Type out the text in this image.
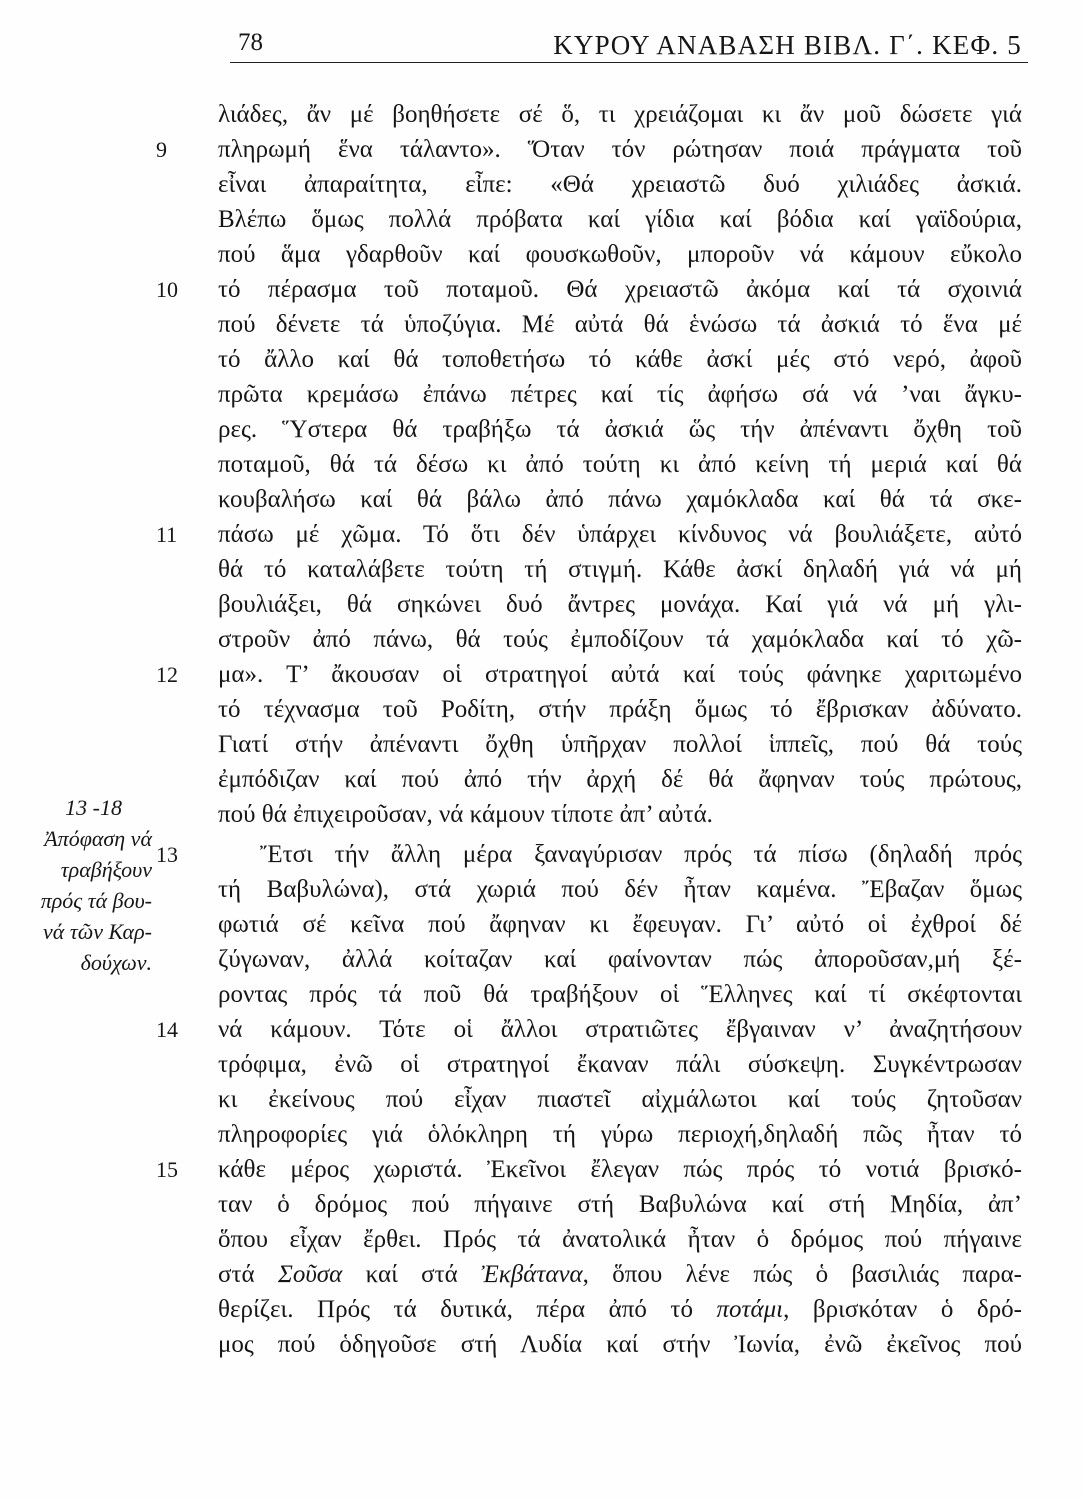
78	ΚΥΡΟΥ ΑΝΑΒΑΣΗ ΒΙΒΛ. Γ΄. ΚΕΦ. 5
13 -18
Ἀπόφαση νά
τραβήξουν
πρός τά βου-
νά τῶν Καρ-
δούχων.
λιάδες, ἄν μέ βοηθήσετε σέ ὅ, τι χρειάζομαι κι ἄν μοῦ δώσετε γιά
9	πληρωμή ἕνα τάλαντο». Ὅταν τόν ρώτησαν ποιά πράγματα τοῦ
εἶναι ἀπαραίτητα, εἶπε: «Θά χρειαστῶ δυό χιλιάδες ἀσκιά.
Βλέπω ὅμως πολλά πρόβατα καί γίδια καί βόδια καί γαϊδούρια,
πού ἅμα γδαρθοῦν καί φουσκωθοῦν, μποροῦν νά κάμουν εὔκολο
10	τό πέρασμα τοῦ ποταμοῦ. Θά χρειαστῶ ἀκόμα καί τά σχοινιά
πού δένετε τά ὑποζύγια. Μέ αὐτά θά ἑνώσω τά ἀσκιά τό ἕνα μέ
τό ἄλλο καί θά τοποθετήσω τό κάθε ἀσκί μές στό νερό, ἀφοῦ
πρῶτα κρεμάσω ἐπάνω πέτρες καί τίς ἀφήσω σά νά ’ναι ἄγκυ-
ρες. Ὕστερα θά τραβήξω τά ἀσκιά ὥς τήν ἀπέναντι ὄχθη τοῦ
ποταμοῦ, θά τά δέσω κι ἀπό τούτη κι ἀπό κείνη τή μεριά καί θά
κουβαλήσω καί θά βάλω ἀπό πάνω χαμόκλαδα καί θά τά σκε-
11	πάσω μέ χῶμα. Τό ὅτι δέν ὑπάρχει κίνδυνος νά βουλιάξετε, αὐτό
θά τό καταλάβετε τούτη τή στιγμή. Κάθε ἀσκί δηλαδή γιά νά μή
βουλιάξει, θά σηκώνει δυό ἄντρες μονάχα. Καί γιά νά μή γλι-
στροῦν ἀπό πάνω, θά τούς ἐμποδίζουν τά χαμόκλαδα καί τό χῶ-
12	μα». Τ’ ἄκουσαν οἱ στρατηγοί αὐτά καί τούς φάνηκε χαριτωμένο
τό τέχνασμα τοῦ Ροδίτη, στήν πράξη ὅμως τό ἔβρισκαν ἀδύνατο.
Γιατί στήν ἀπέναντι ὄχθη ὑπῆρχαν πολλοί ἱππεῖς, πού θά τούς
ἐμπόδιζαν καί πού ἀπό τήν ἀρχή δέ θά ἄφηναν τούς πρώτους,
πού θά ἐπιχειροῦσαν, νά κάμουν τίποτε ἀπ’ αὐτά.
13	Ἔτσι τήν ἄλλη μέρα ξαναγύρισαν πρός τά πίσω (δηλαδή πρός
τή Βαβυλώνα), στά χωριά πού δέν ἦταν καμένα. Ἔβαζαν ὅμως
φωτιά σέ κεῖνα πού ἄφηναν κι ἔφευγαν. Γι’ αὐτό οἱ ἐχθροί δέ
ζύγωναν, ἀλλά κοίταζαν καί φαίνονταν πώς ἀποροῦσαν,μή ξέ-
ροντας πρός τά ποῦ θά τραβήξουν οἱ Ἕλληνες καί τί σκέφτονται
14	νά κάμουν. Τότε οἱ ἄλλοι στρατιῶτες ἔβγαιναν ν’ ἀναζητήσουν
τρόφιμα, ἐνῶ οἱ στρατηγοί ἔκαναν πάλι σύσκεψη. Συγκέντρωσαν
κι ἐκείνους πού εἶχαν πιαστεῖ αἰχμάλωτοι καί τούς ζητοῦσαν
πληροφορίες γιά ὁλόκληρη τή γύρω περιοχή,δηλαδή πῶς ἦταν τό
15	κάθε μέρος χωριστά. Ἐκεῖνοι ἔλεγαν πώς πρός τό νοτιά βρισκό-
ταν ὁ δρόμος πού πήγαινε στή Βαβυλώνα καί στή Μηδία, ἀπ’
ὅπου εἶχαν ἔρθει. Πρός τά ἀνατολικά ἦταν ὁ δρόμος πού πήγαινε
στά Σοῦσα καί στά Ἐκβάτανα, ὅπου λένε πώς ὁ βασιλιάς παρα-
θερίζει. Πρός τά δυτικά, πέρα ἀπό τό ποτάμι, βρισκόταν ὁ δρό-
μος πού ὁδηγοῦσε στή Λυδία καί στήν Ἰωνία, ἐνῶ ἐκεῖνος πού
